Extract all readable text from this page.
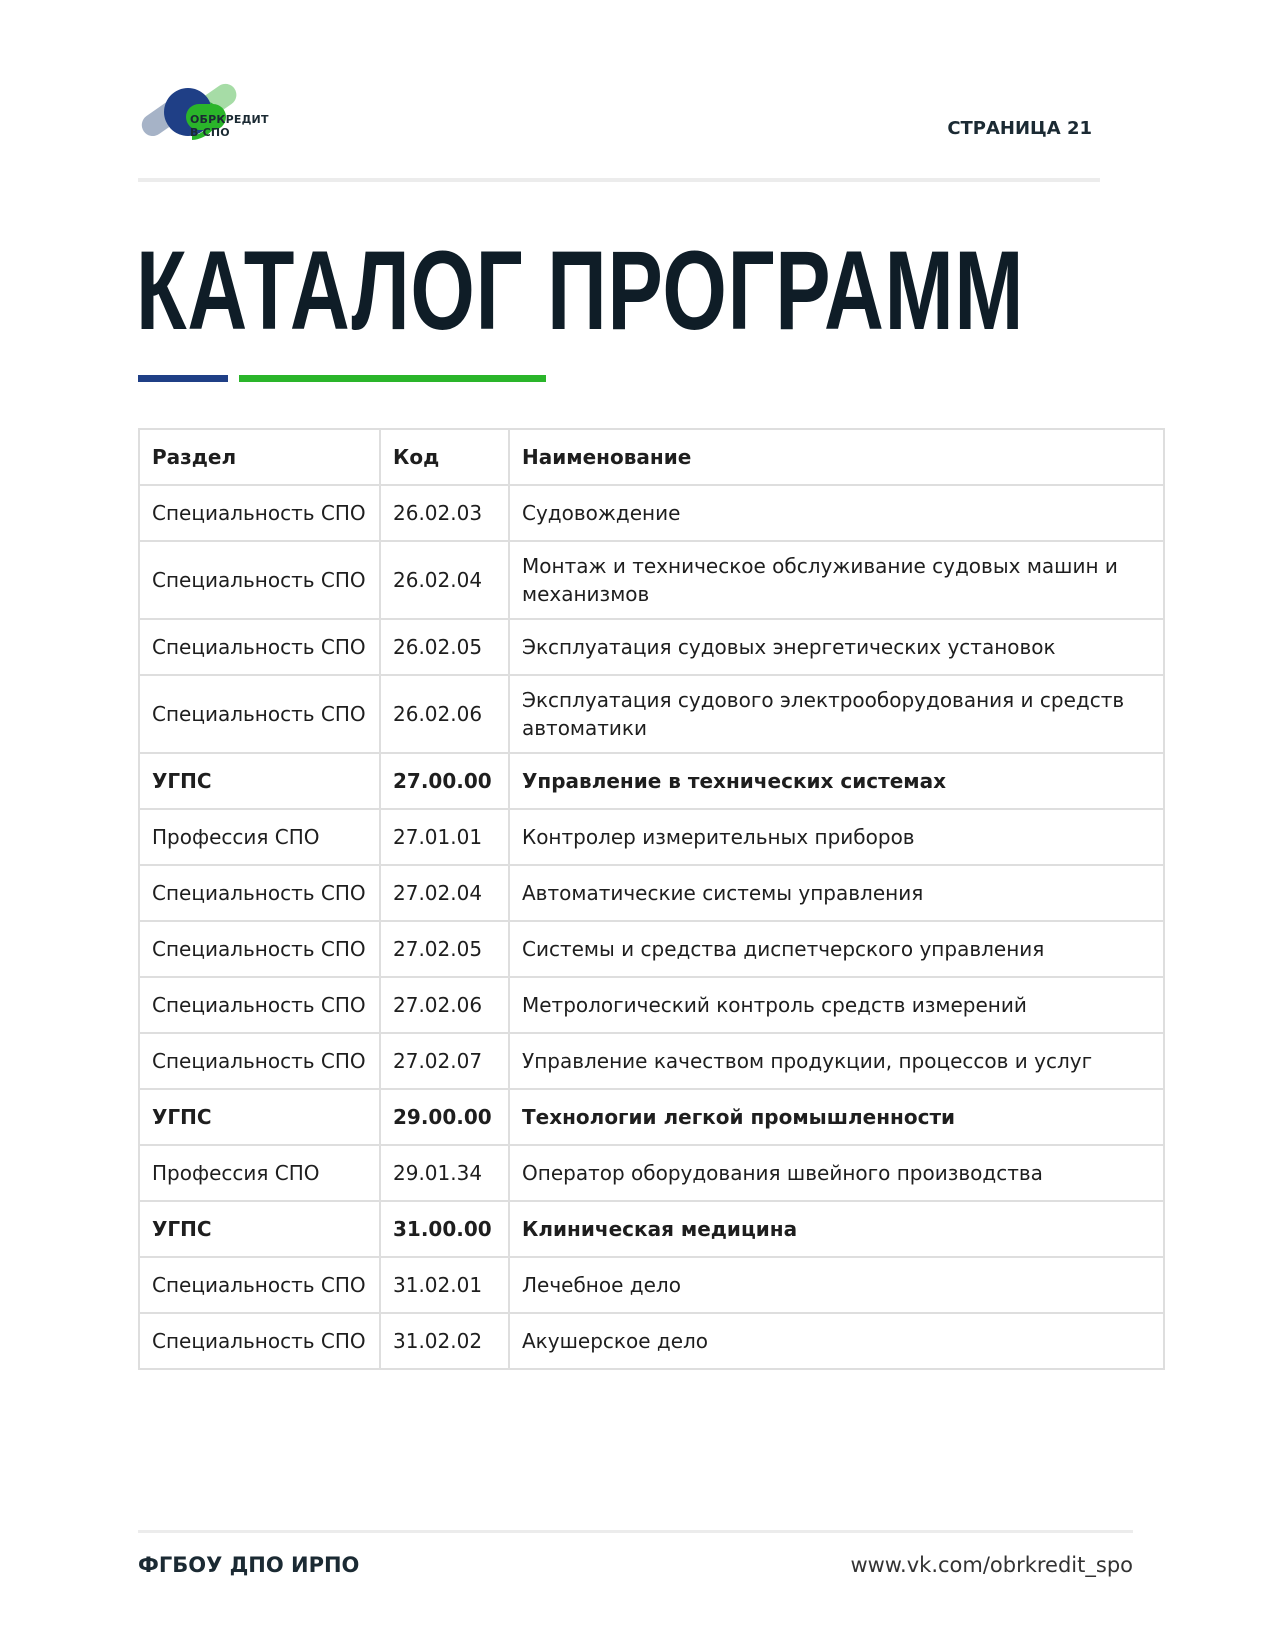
ОБРКРЕДИТ
В СПО	СТРАНИЦА 21
КАТАЛОГ ПРОГРАММ
Раздел	Код	Наименование
Специальность СПО	26.02.03	Судовождение
Специальность СПО	26.02.04	Монтаж и техническое обслуживание судовых машин и механизмов
Специальность СПО	26.02.05	Эксплуатация судовых энергетических установок
Специальность СПО	26.02.06	Эксплуатация судового электрооборудования и средств автоматики
УГПС	27.00.00	Управление в технических системах
Профессия СПО	27.01.01	Контролер измерительных приборов
Специальность СПО	27.02.04	Автоматические системы управления
Специальность СПО	27.02.05	Системы и средства диспетчерского управления
Специальность СПО	27.02.06	Метрологический контроль средств измерений
Специальность СПО	27.02.07	Управление качеством продукции, процессов и услуг
УГПС	29.00.00	Технологии легкой промышленности
Профессия СПО	29.01.34	Оператор оборудования швейного производства
УГПС	31.00.00	Клиническая медицина
Специальность СПО	31.02.01	Лечебное дело
Специальность СПО	31.02.02	Акушерское дело
ФГБОУ ДПО ИРПО	www.vk.com/obrkredit_spo
